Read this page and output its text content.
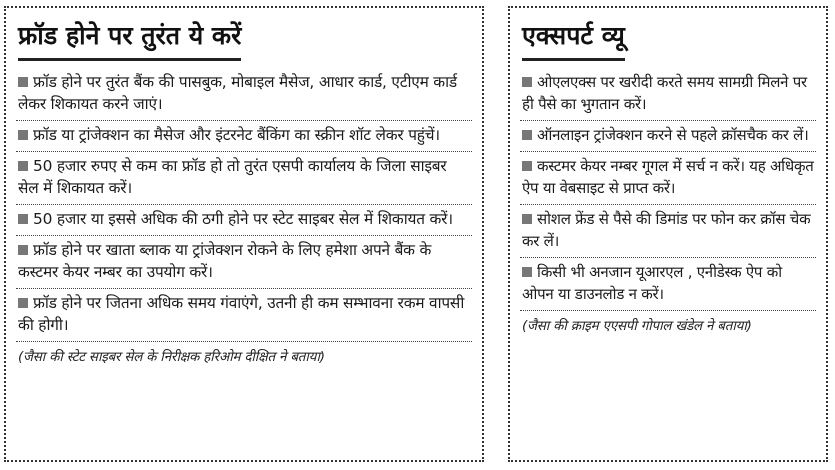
फ्रॉड होने पर तुरंत ये करें
फ्रॉड होने पर तुरंत बैंक की पासबुक, मोबाइल मैसेज, आधार कार्ड, एटीएम कार्ड लेकर शिकायत करने जाएं।
फ्रॉड या ट्रांजेक्शन का मैसेज और इंटरनेट बैंकिंग का स्क्रीन शॉट लेकर पहुंचें।
50 हजार रुपए से कम का फ्रॉड हो तो तुरंत एसपी कार्यालय के जिला साइबर सेल में शिकायत करें।
50 हजार या इससे अधिक की ठगी होने पर स्टेट साइबर सेल में शिकायत करें।
फ्रॉड होने पर खाता ब्लाक या ट्रांजेक्शन रोकने के लिए हमेशा अपने बैंक के कस्टमर केयर नम्बर का उपयोग करें।
फ्रॉड होने पर जितना अधिक समय गंवाएंगे, उतनी ही कम सम्भावना रकम वापसी की होगी।
(जैसा की स्टेट साइबर सेल के निरीक्षक हरिओम दीक्षित ने बताया)
एक्सपर्ट व्यू
ओएलएक्स पर खरीदी करते समय सामग्री मिलने पर ही पैसे का भुगतान करें।
ऑनलाइन ट्रांजेक्शन करने से पहले क्रॉसचैक कर लें।
कस्टमर केयर नम्बर गूगल में सर्च न करें। यह अधिकृत ऐप या वेबसाइट से प्राप्त करें।
सोशल फ्रेंड से पैसे की डिमांड पर फोन कर क्रॉस चेक कर लें।
किसी भी अनजान यूआरएल , एनीडेस्क ऐप को ओपन या डाउनलोड न करें।
(जैसा की क्राइम एएसपी गोपाल खंडेल ने बताया)
